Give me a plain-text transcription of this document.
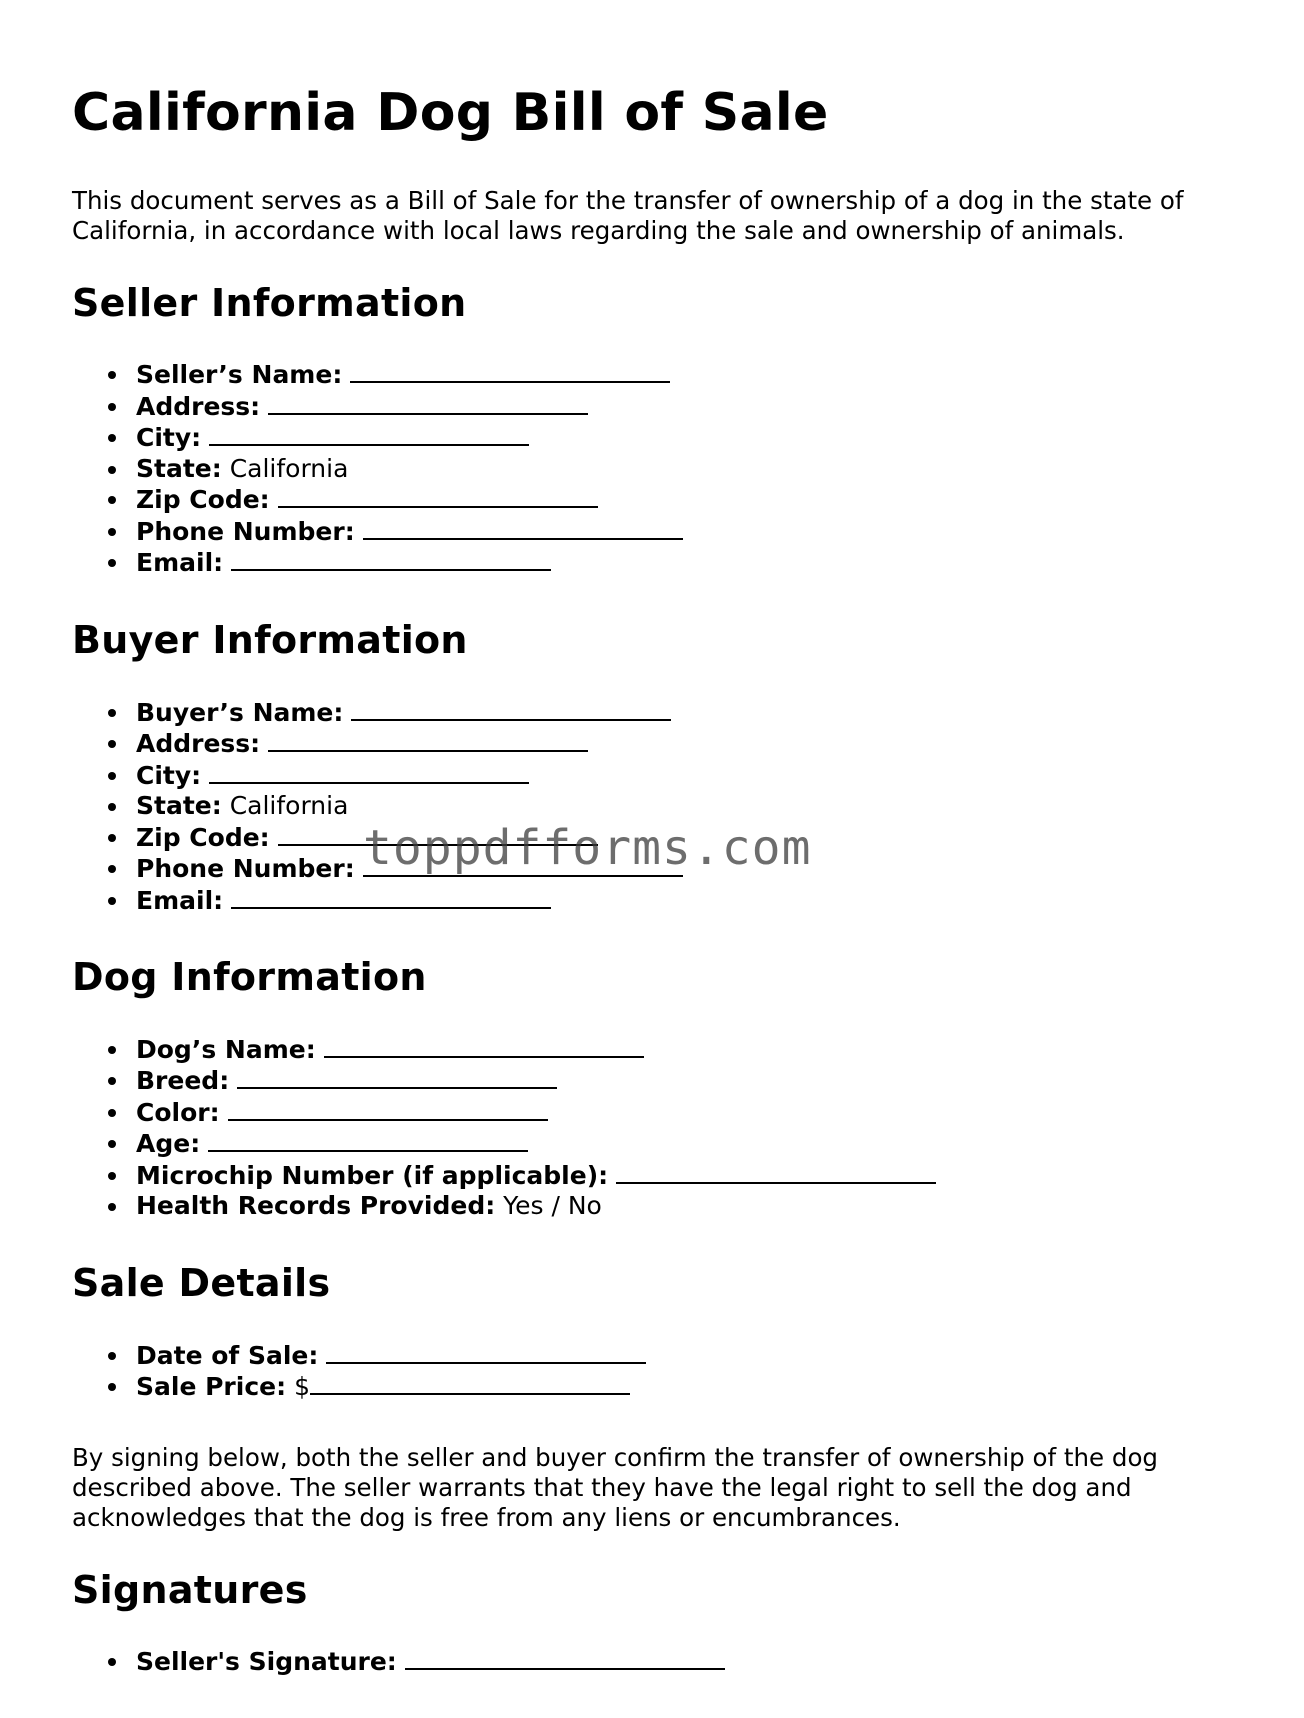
California Dog Bill of Sale

This document serves as a Bill of Sale for the transfer of ownership of a dog in the state of California, in accordance with local laws regarding the sale and ownership of animals.

Seller Information
Seller’s Name:
Address:
City:
State: California
Zip Code:
Phone Number:
Email:
Buyer Information
Buyer’s Name:
Address:
City:
State: California
Zip Code:
Phone Number:
Email:
Dog Information
Dog’s Name:
Breed:
Color:
Age:
Microchip Number (if applicable):
Health Records Provided: Yes / No
Sale Details
Date of Sale:
Sale Price: $

By signing below, both the seller and buyer confirm the transfer of ownership of the dog described above. The seller warrants that they have the legal right to sell the dog and acknowledges that the dog is free from any liens or encumbrances.

Signatures
Seller's Signature:
toppdfforms.com
